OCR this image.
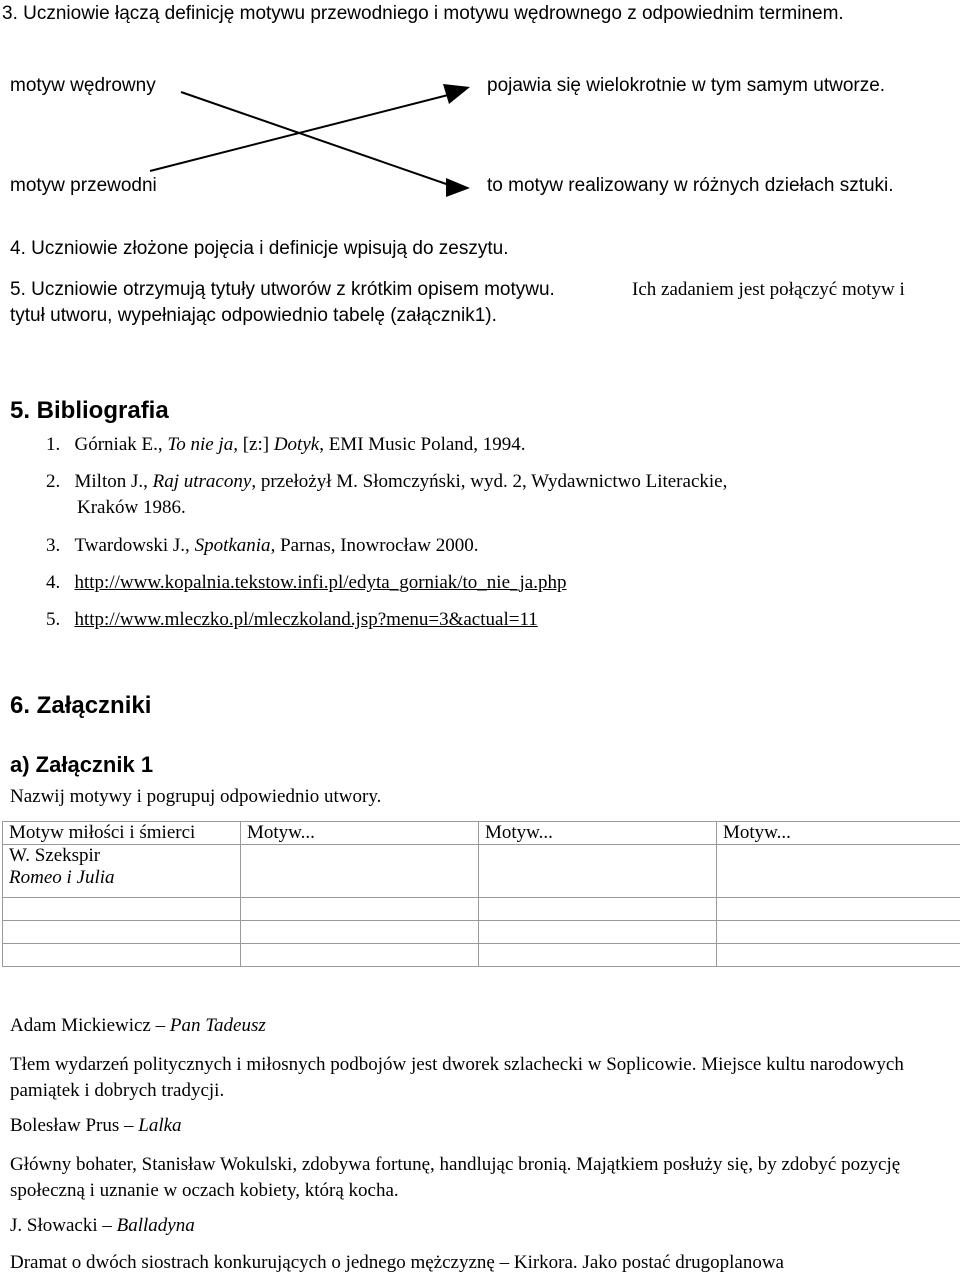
3. Uczniowie łączą definicję motywu przewodniego i motywu wędrownego z odpowiednim terminem.
motyw wędrowny
motyw przewodni
pojawia się wielokrotnie w tym samym utworze.
to motyw realizowany w różnych dziełach sztuki.
4. Uczniowie złożone pojęcia i definicje wpisują do zeszytu.
5. Uczniowie otrzymują tytuły utworów z krótkim opisem motywu.	Ich zadaniem jest połączyć motyw i
tytuł utworu, wypełniając odpowiednio tabelę (załącznik1).
5. Bibliografia
1. Górniak E., To nie ja, [z:] Dotyk, EMI Music Poland, 1994.
2. Milton J., Raj utracony, przełożył M. Słomczyński, wyd. 2, Wydawnictwo Literackie,
Kraków 1986.
3. Twardowski J., Spotkania, Parnas, Inowrocław 2000.
4. http://www.kopalnia.tekstow.infi.pl/edyta_gorniak/to_nie_ja.php
5. http://www.mleczko.pl/mleczkoland.jsp?menu=3&actual=11
6. Załączniki
a) Załącznik 1
Nazwij motywy i pogrupuj odpowiednio utwory.
Motyw miłości i śmierci	Motyw...	Motyw...	Motyw...

W. Szekspir
Romeo i Julia			

Adam Mickiewicz – Pan Tadeusz
Tłem wydarzeń politycznych i miłosnych podbojów jest dworek szlachecki w Soplicowie. Miejsce kultu narodowych pamiątek i dobrych tradycji.
Bolesław Prus – Lalka
Główny bohater, Stanisław Wokulski, zdobywa fortunę, handlując bronią. Majątkiem posłuży się, by zdobyć pozycję społeczną i uznanie w oczach kobiety, którą kocha.
J. Słowacki – Balladyna
Dramat o dwóch siostrach konkurujących o jednego mężczyznę – Kirkora. Jako postać drugoplanowa
